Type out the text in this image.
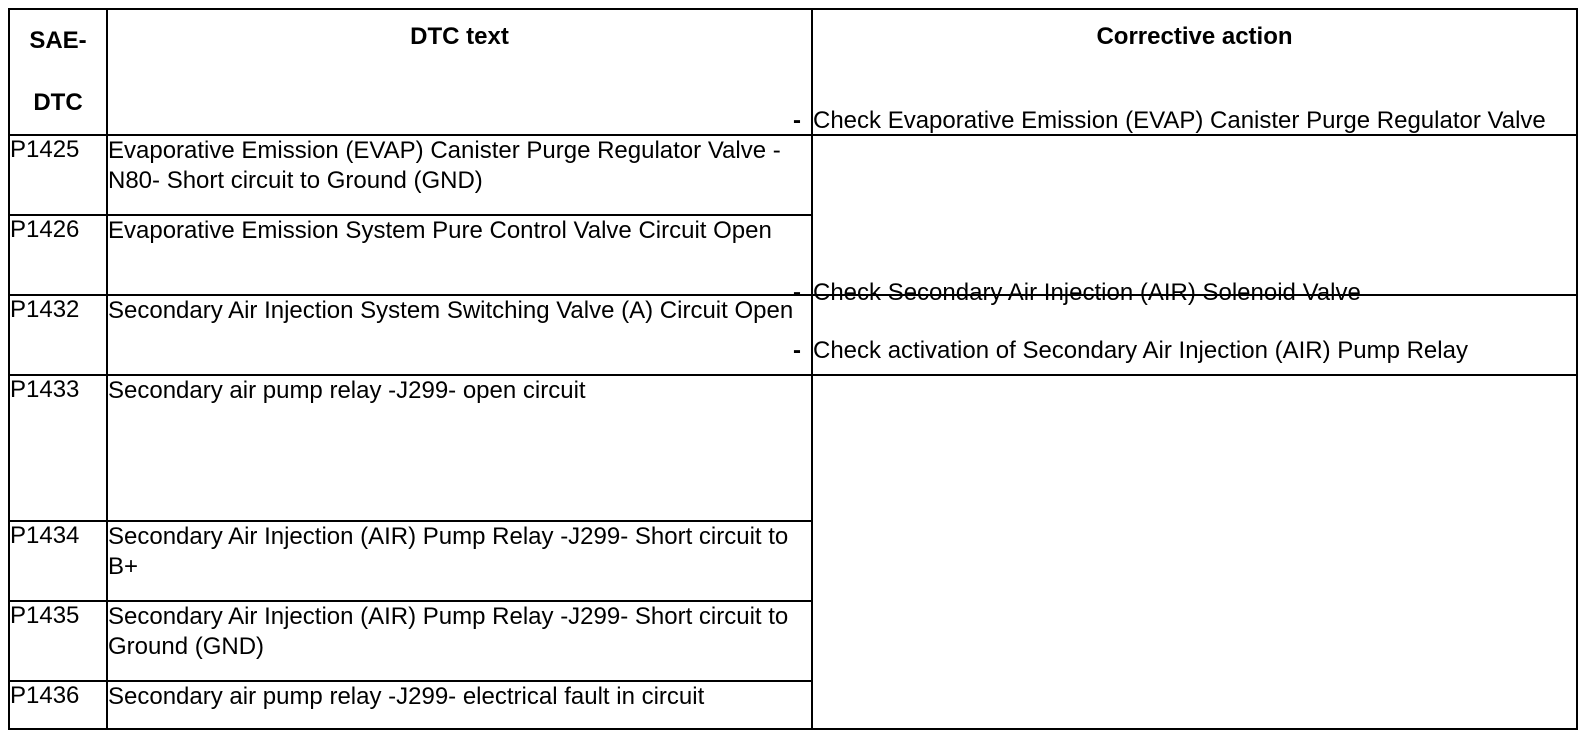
SAE-DTC	DTC text	Corrective action

P1425	Evaporative Emission (EVAP) Canister Purge Regulator Valve -N80- Short circuit to Ground (GND)	- Check Evaporative Emission (EVAP) Canister Purge Regulator Valve

P1426	Evaporative Emission System Pure Control Valve Circuit Open	
P1432	Secondary Air Injection System Switching Valve (A) Circuit Open	- Check Secondary Air Injection (AIR) Solenoid Valve

P1433	Secondary air pump relay -J299- open circuit	- Check activation of Secondary Air Injection (AIR) Pump Relay

P1434	Secondary Air Injection (AIR) Pump Relay -J299- Short circuit to B+	
P1435	Secondary Air Injection (AIR) Pump Relay -J299- Short circuit to Ground (GND)	
P1436	Secondary air pump relay -J299- electrical fault in circuit	
